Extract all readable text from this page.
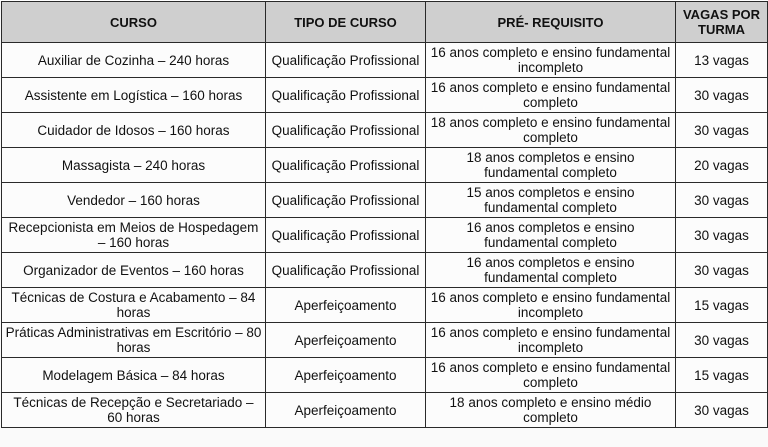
CURSO	TIPO DE CURSO	PRÉ- REQUISITO	VAGAS POR TURMA
Auxiliar de Cozinha – 240 horas	Qualificação Profissional	16 anos completo e ensino fundamental incompleto	13 vagas
Assistente em Logística – 160 horas	Qualificação Profissional	16 anos completo e ensino fundamental completo	30 vagas
Cuidador de Idosos – 160 horas	Qualificação Profissional	18 anos completo e ensino fundamental completo	30 vagas
Massagista – 240 horas	Qualificação Profissional	18 anos completos e ensino fundamental completo	20 vagas
Vendedor – 160 horas	Qualificação Profissional	15 anos completos e ensino fundamental completo	30 vagas
Recepcionista em Meios de Hospedagem – 160 horas	Qualificação Profissional	16 anos completos e ensino fundamental completo	30 vagas
Organizador de Eventos – 160 horas	Qualificação Profissional	16 anos completos e ensino fundamental completo	30 vagas
Técnicas de Costura e Acabamento – 84 horas	Aperfeiçoamento	16 anos completo e ensino fundamental incompleto	15 vagas
Práticas Administrativas em Escritório – 80 horas	Aperfeiçoamento	16 anos completo e ensino fundamental incompleto	30 vagas
Modelagem Básica – 84 horas	Aperfeiçoamento	16 anos completo e ensino fundamental completo	15 vagas
Técnicas de Recepção e Secretariado – 60 horas	Aperfeiçoamento	18 anos completo e ensino médio completo	30 vagas
